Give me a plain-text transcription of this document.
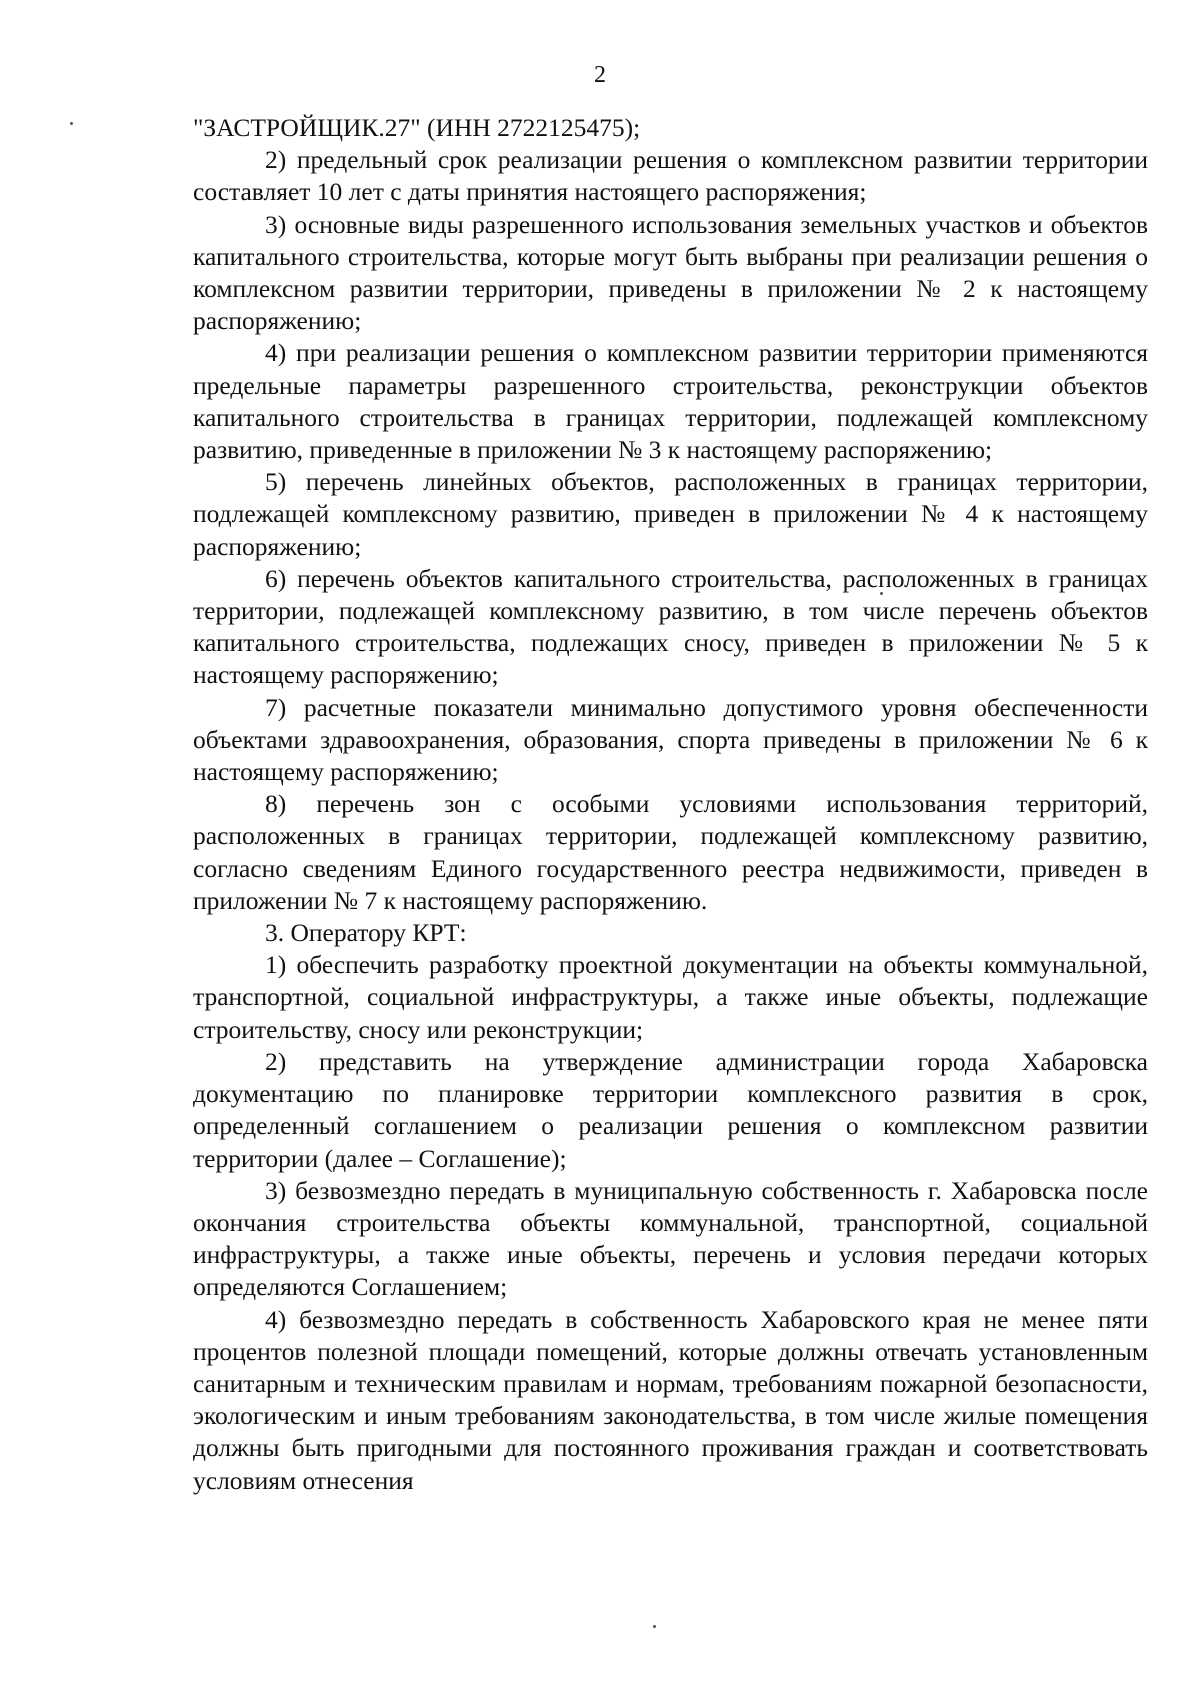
2

"ЗАСТРОЙЩИК.27" (ИНН 2722125475);

2) предельный срок реализации решения о комплексном развитии территории составляет 10 лет с даты принятия настоящего распоряжения;

3) основные виды разрешенного использования земельных участков и объектов капитального строительства, которые могут быть выбраны при реализации решения о комплексном развитии территории, приведены в приложении № 2 к настоящему распоряжению;

4) при реализации решения о комплексном развитии территории применяются предельные параметры разрешенного строительства, реконструкции объектов капитального строительства в границах территории, подлежащей комплексному развитию, приведенные в приложении № 3 к настоящему распоряжению;

5) перечень линейных объектов, расположенных в границах территории, подлежащей комплексному развитию, приведен в приложении № 4 к настоящему распоряжению;

6) перечень объектов капитального строительства, расположенных в границах территории, подлежащей комплексному развитию, в том числе перечень объектов капитального строительства, подлежащих сносу, приведен в приложении № 5 к настоящему распоряжению;

7) расчетные показатели минимально допустимого уровня обеспеченности объектами здравоохранения, образования, спорта приведены в приложении № 6 к настоящему распоряжению;

8) перечень зон с особыми условиями использования территорий, расположенных в границах территории, подлежащей комплексному развитию, согласно сведениям Единого государственного реестра недвижимости, приведен в приложении № 7 к настоящему распоряжению.

3. Оператору КРТ:

1) обеспечить разработку проектной документации на объекты коммунальной, транспортной, социальной инфраструктуры, а также иные объекты, подлежащие строительству, сносу или реконструкции;

2) представить на утверждение администрации города Хабаровска документацию по планировке территории комплексного развития в срок, определенный соглашением о реализации решения о комплексном развитии территории (далее – Соглашение);

3) безвозмездно передать в муниципальную собственность г. Хабаровска после окончания строительства объекты коммунальной, транспортной, социальной инфраструктуры, а также иные объекты, перечень и условия передачи которых определяются Соглашением;

4) безвозмездно передать в собственность Хабаровского края не менее пяти процентов полезной площади помещений, которые должны отвечать установленным санитарным и техническим правилам и нормам, требованиям пожарной безопасности, экологическим и иным требованиям законодательства, в том числе жилые помещения должны быть пригодными для постоянного проживания граждан и соответствовать условиям отнесения
